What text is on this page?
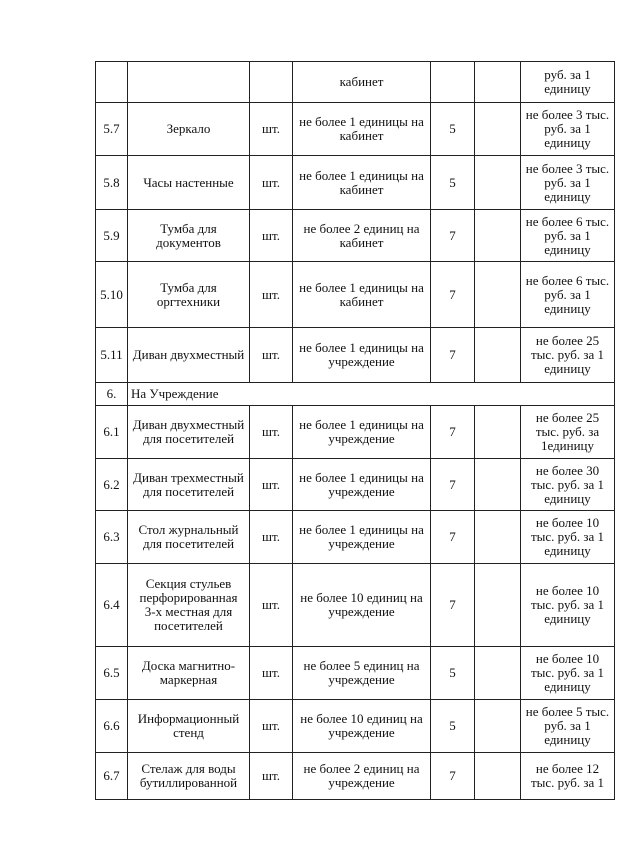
			кабинет			руб. за 1
единицу
5.7	Зеркало	шт.	не более 1 единицы на
кабинет	5		не более 3 тыс.
руб. за 1
единицу
5.8	Часы настенные	шт.	не более 1 единицы на
кабинет	5		не более 3 тыс.
руб. за 1
единицу
5.9	Тумба для
документов	шт.	не более 2 единиц на
кабинет	7		не более 6 тыс.
руб. за 1
единицу
5.10	Тумба для
оргтехники	шт.	не более 1 единицы на
кабинет	7		не более 6 тыс.
руб. за 1
единицу
5.11	Диван двухместный	шт.	не более 1 единицы на
учреждение	7		не более 25
тыс. руб. за 1
единицу
6.	На Учреждение					
6.1	Диван двухместный
для посетителей	шт.	не более 1 единицы на
учреждение	7		не более 25
тыс. руб. за
1единицу
6.2	Диван трехместный
для посетителей	шт.	не более 1 единицы на
учреждение	7		не более 30
тыс. руб. за 1
единицу
6.3	Стол журнальный
для посетителей	шт.	не более 1 единицы на
учреждение	7		не более 10
тыс. руб. за 1
единицу
6.4	Секция стульев
перфорированная
3-х местная для
посетителей	шт.	не более 10 единиц на
учреждение	7		не более 10
тыс. руб. за 1
единицу
6.5	Доска магнитно-
маркерная	шт.	не более 5 единиц на
учреждение	5		не более 10
тыс. руб. за 1
единицу
6.6	Информационный
стенд	шт.	не более 10 единиц на
учреждение	5		не более 5 тыс.
руб. за 1
единицу
6.7	Стелаж для воды
бутиллированной	шт.	не более 2 единиц на
учреждение	7		не более 12
тыс. руб. за 1
